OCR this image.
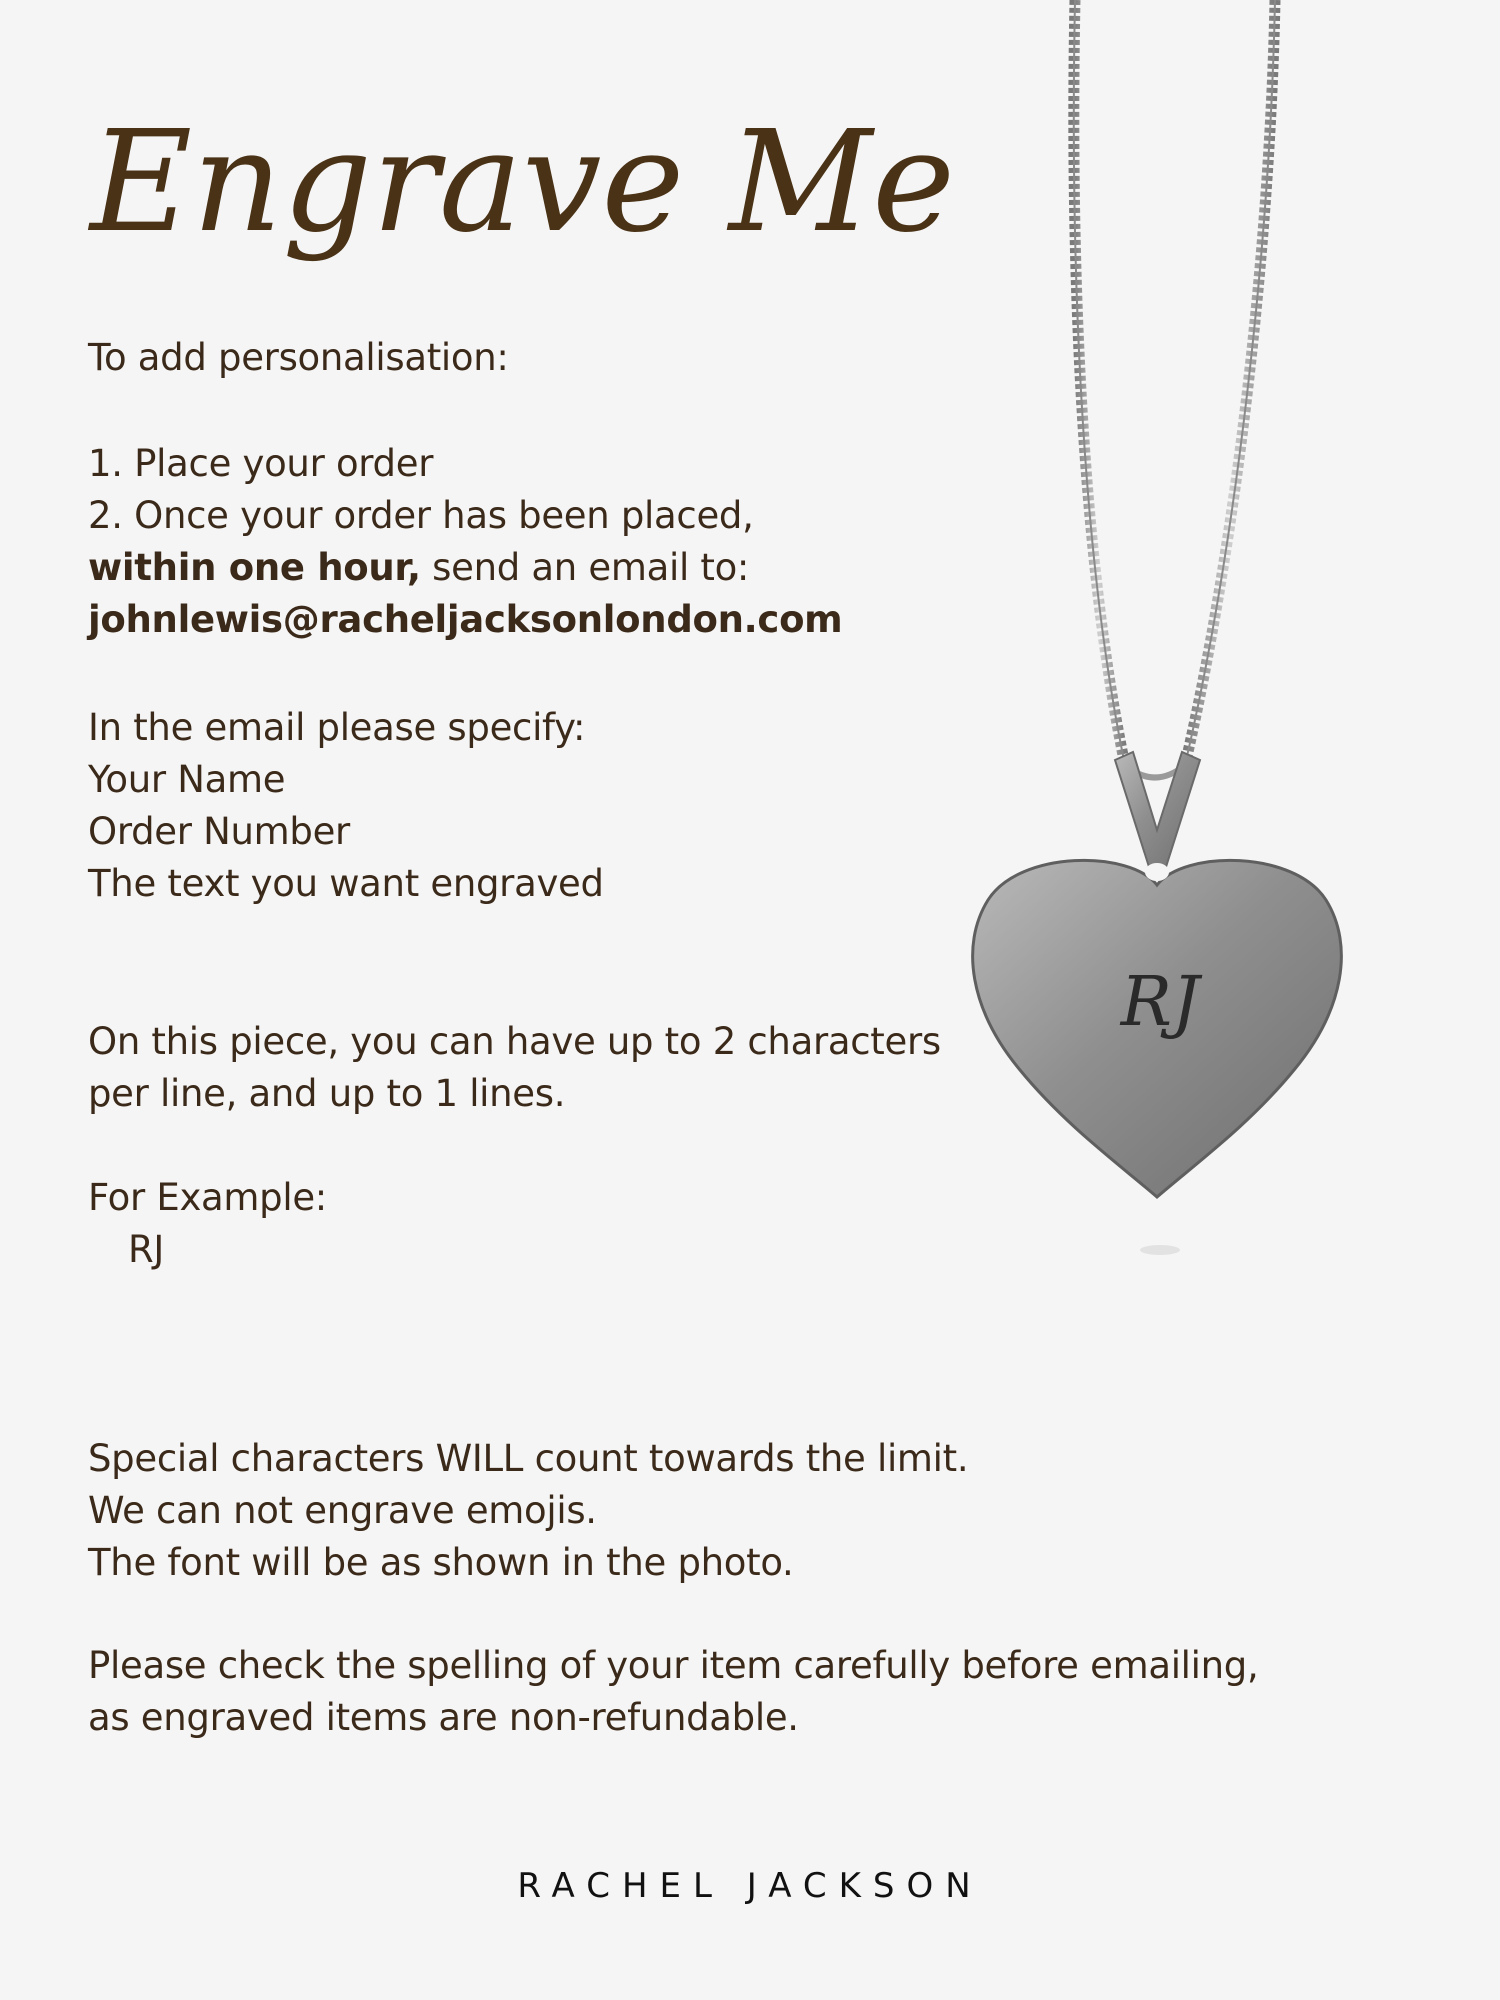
Engrave Me
To add personalisation:
1. Place your order
2. Once your order has been placed,
within one hour, send an email to:
johnlewis@racheljacksonlondon.com
In the email please specify:
Your Name
Order Number
The text you want engraved
On this piece, you can have up to 2 characters
per line, and up to 1 lines.
For Example:
RJ
Special characters WILL count towards the limit.
We can not engrave emojis.
The font will be as shown in the photo.
Please check the spelling of your item carefully before emailing,
as engraved items are non-refundable.
RJ
RACHEL JACKSON
